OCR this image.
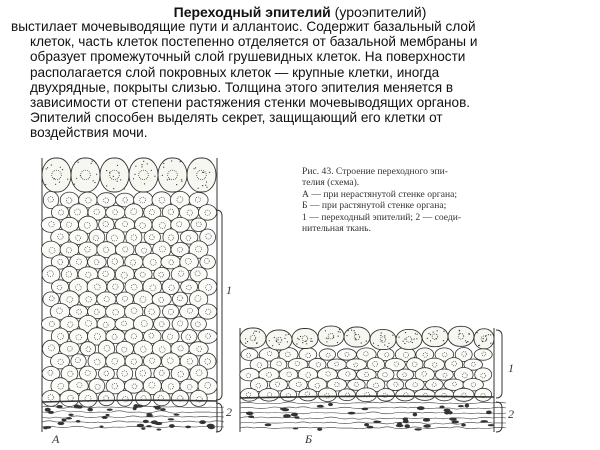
Переходный эпителий (уроэпителий)
выстилает мочевыводящие пути и аллантоис. Содержит базальный слой
клеток, часть клеток постепенно отделяется от базальной мембраны и
образует промежуточный слой грушевидных клеток. На поверхности
располагается слой покровных клеток — крупные клетки, иногда
двухрядные, покрыты слизью. Толщина этого эпителия меняется в
зависимости от степени растяжения стенки мочевыводящих органов.
Эпителий способен выделять секрет, защищающий его клетки от
воздействия мочи.
Рис. 43. Строение переходного эпи-
телия (схема).
А — при нерастянутой стенке органа;
Б — при растянутой стенке органа;
1 — переходный эпителий; 2 — соеди-
нительная ткань.
А	Б
1
2
1
2
